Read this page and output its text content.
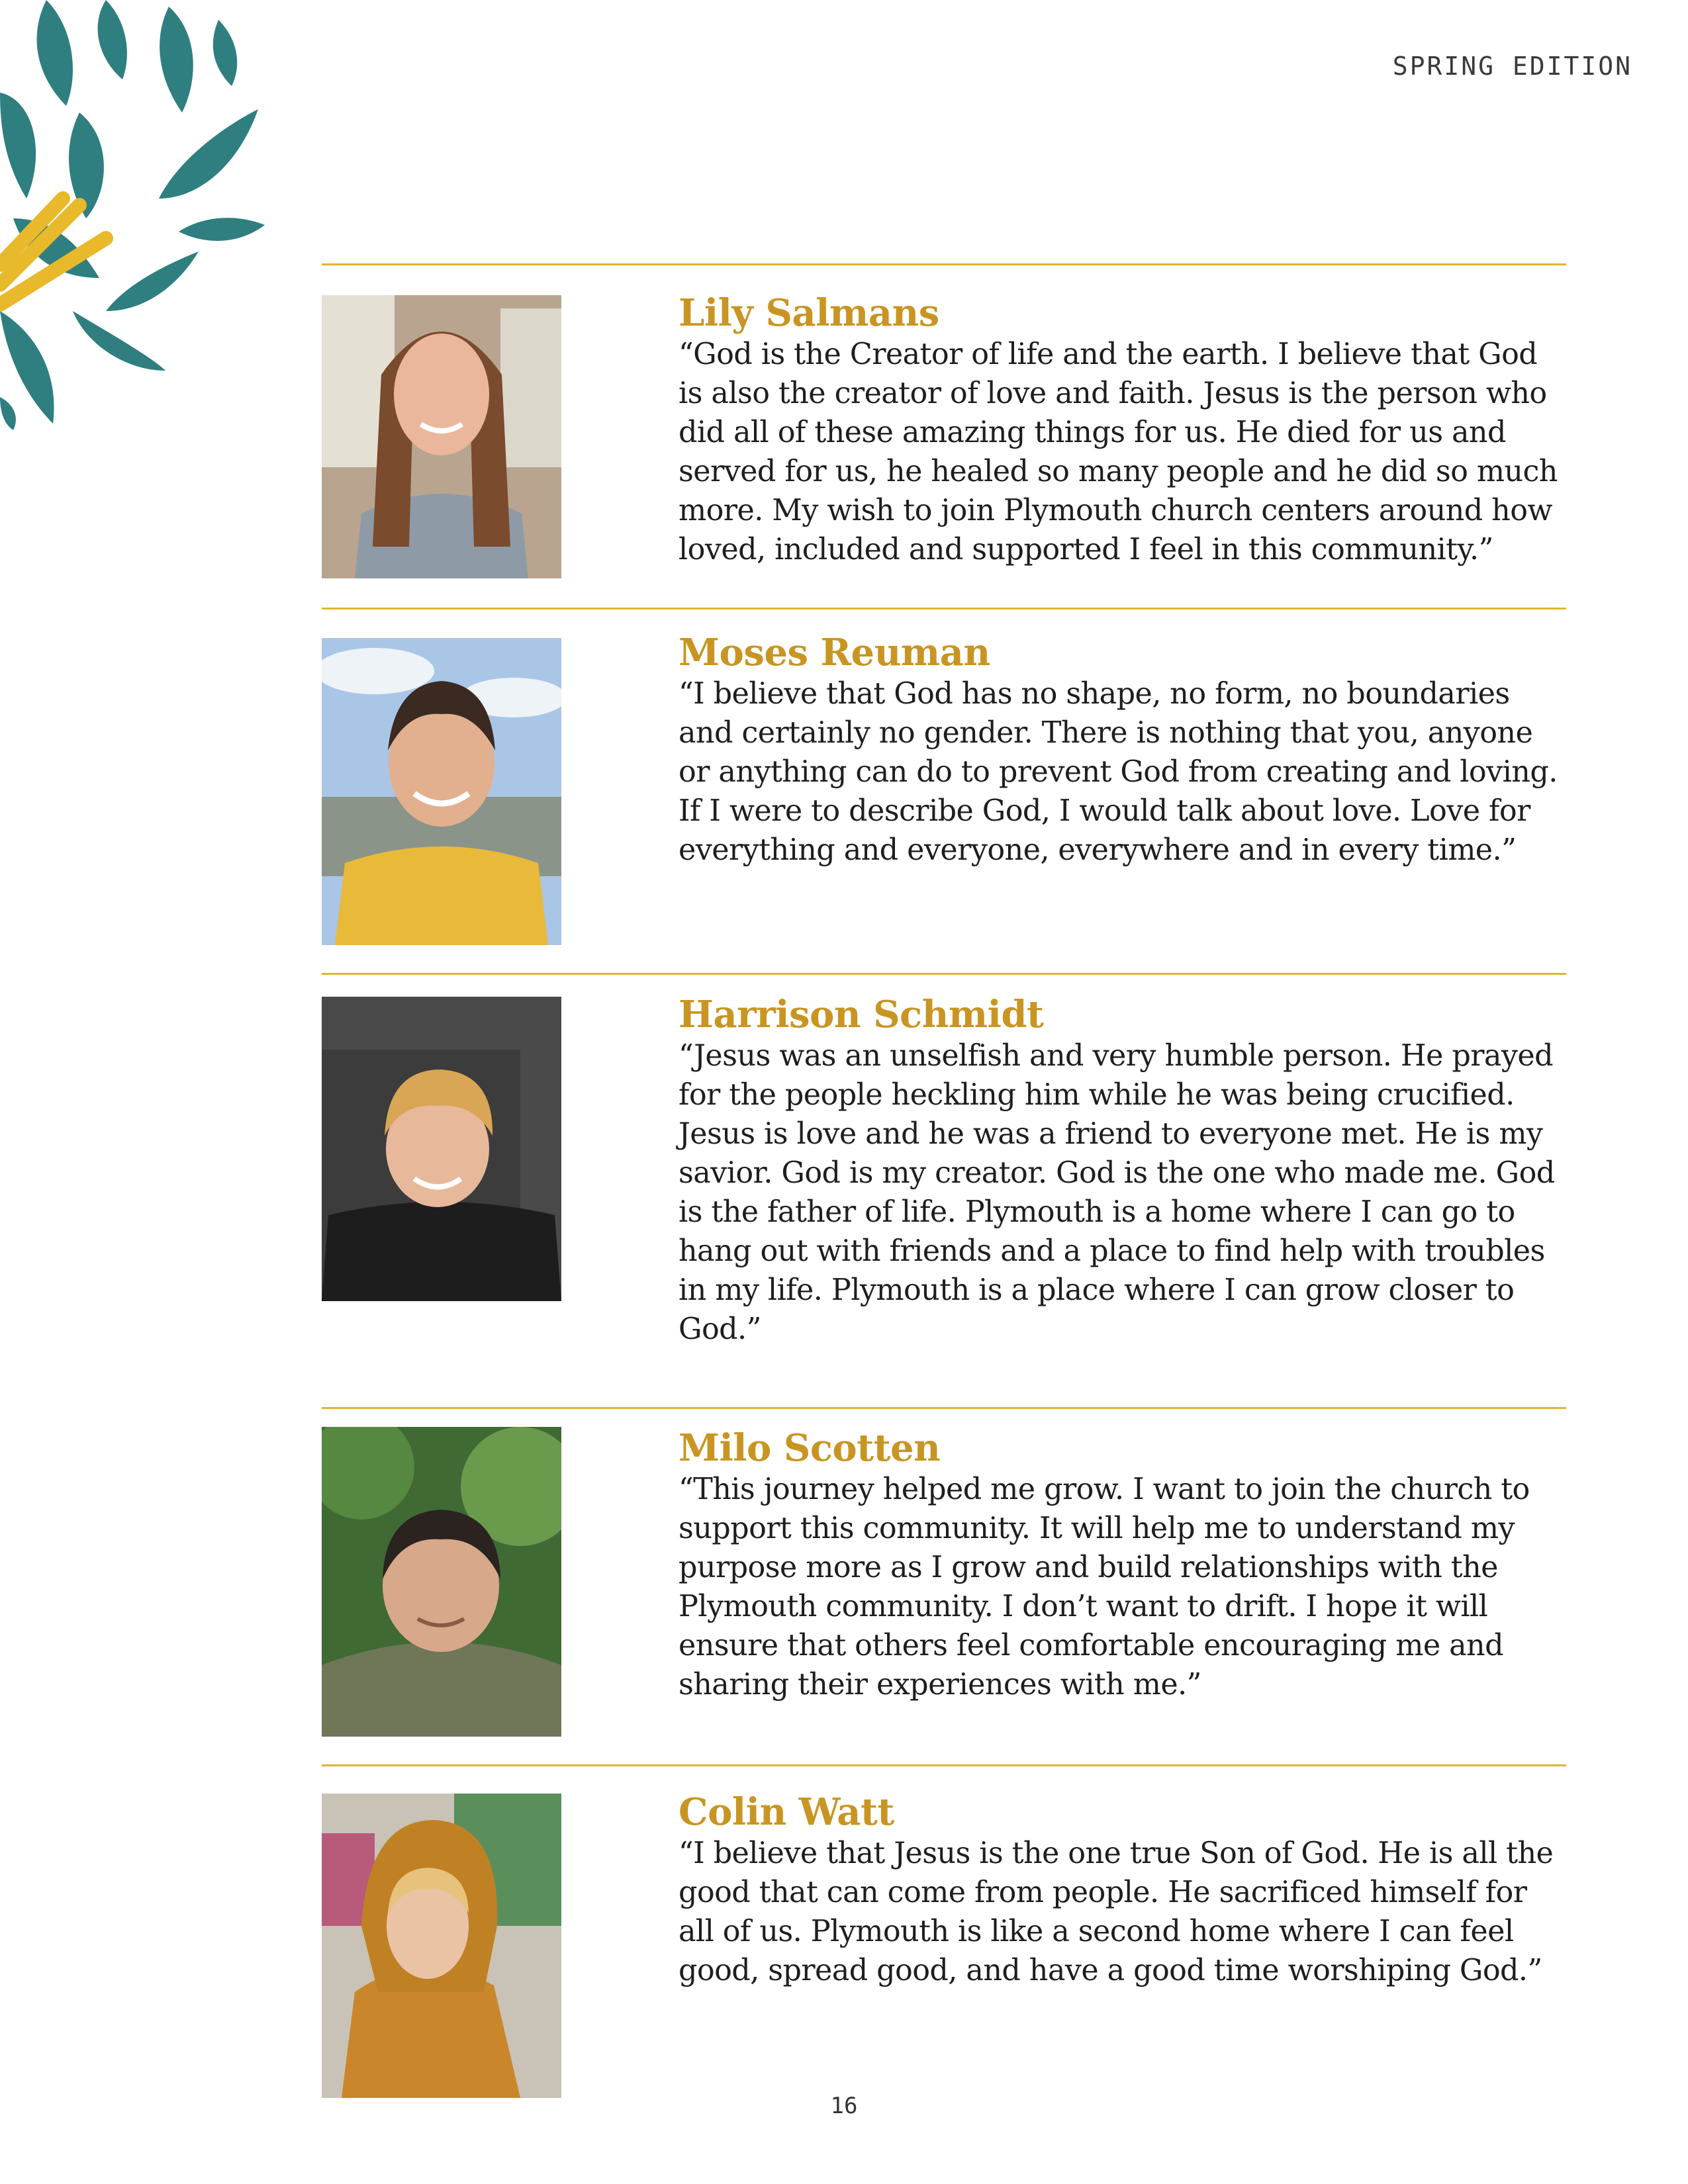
SPRING EDITION

Lily Salmans

“God is the Creator of life and the earth. I believe that God is also the creator of love and faith. Jesus is the person who did all of these amazing things for us. He died for us and served for us, he healed so many people and he did so much more. My wish to join Plymouth church centers around how loved, included and supported I feel in this community.”

Moses Reuman

“I believe that God has no shape, no form, no boundaries and certainly no gender. There is nothing that you, anyone or anything can do to prevent God from creating and loving. If I were to describe God, I would talk about love. Love for everything and everyone, everywhere and in every time.”

Harrison Schmidt

“Jesus was an unselfish and very humble person. He prayed for the people heckling him while he was being crucified. Jesus is love and he was a friend to everyone met. He is my savior. God is my creator. God is the one who made me. God is the father of life. Plymouth is a home where I can go to hang out with friends and a place to find help with troubles in my life. Plymouth is a place where I can grow closer to God.”

Milo Scotten

“This journey helped me grow. I want to join the church to support this community. It will help me to understand my purpose more as I grow and build relationships with the Plymouth community. I don’t want to drift. I hope it will ensure that others feel comfortable encouraging me and sharing their experiences with me.”

Colin Watt

“I believe that Jesus is the one true Son of God. He is all the good that can come from people. He sacrificed himself for all of us. Plymouth is like a second home where I can feel good, spread good, and have a good time worshiping God.”

16
